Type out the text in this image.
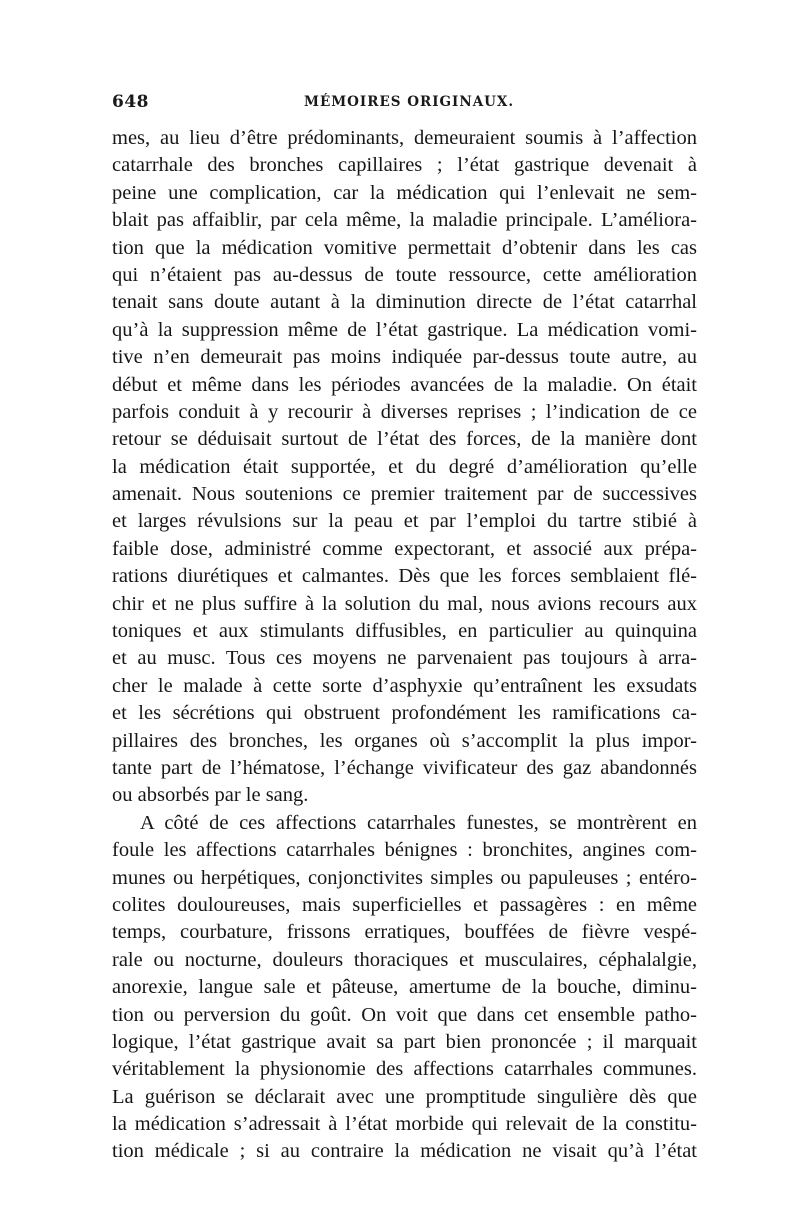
648	MÉMOIRES ORIGINAUX.
mes, au lieu d’être prédominants, demeuraient soumis à l’affection
catarrhale des bronches capillaires ; l’état gastrique devenait à
peine une complication, car la médication qui l’enlevait ne sem-
blait pas affaiblir, par cela même, la maladie principale. L’améliora-
tion que la médication vomitive permettait d’obtenir dans les cas
qui n’étaient pas au-dessus de toute ressource, cette amélioration
tenait sans doute autant à la diminution directe de l’état catarrhal
qu’à la suppression même de l’état gastrique. La médication vomi-
tive n’en demeurait pas moins indiquée par-dessus toute autre, au
début et même dans les périodes avancées de la maladie. On était
parfois conduit à y recourir à diverses reprises ; l’indication de ce
retour se déduisait surtout de l’état des forces, de la manière dont
la médication était supportée, et du degré d’amélioration qu’elle
amenait. Nous soutenions ce premier traitement par de successives
et larges révulsions sur la peau et par l’emploi du tartre stibié à
faible dose, administré comme expectorant, et associé aux prépa-
rations diurétiques et calmantes. Dès que les forces semblaient flé-
chir et ne plus suffire à la solution du mal, nous avions recours aux
toniques et aux stimulants diffusibles, en particulier au quinquina
et au musc. Tous ces moyens ne parvenaient pas toujours à arra-
cher le malade à cette sorte d’asphyxie qu’entraînent les exsudats
et les sécrétions qui obstruent profondément les ramifications ca-
pillaires des bronches, les organes où s’accomplit la plus impor-
tante part de l’hématose, l’échange vivificateur des gaz abandonnés
ou absorbés par le sang.
A côté de ces affections catarrhales funestes, se montrèrent en
foule les affections catarrhales bénignes : bronchites, angines com-
munes ou herpétiques, conjonctivites simples ou papuleuses ; entéro-
colites douloureuses, mais superficielles et passagères : en même
temps, courbature, frissons erratiques, bouffées de fièvre vespé-
rale ou nocturne, douleurs thoraciques et musculaires, céphalalgie,
anorexie, langue sale et pâteuse, amertume de la bouche, diminu-
tion ou perversion du goût. On voit que dans cet ensemble patho-
logique, l’état gastrique avait sa part bien prononcée ; il marquait
véritablement la physionomie des affections catarrhales communes.
La guérison se déclarait avec une promptitude singulière dès que
la médication s’adressait à l’état morbide qui relevait de la constitu-
tion médicale ; si au contraire la médication ne visait qu’à l’état
